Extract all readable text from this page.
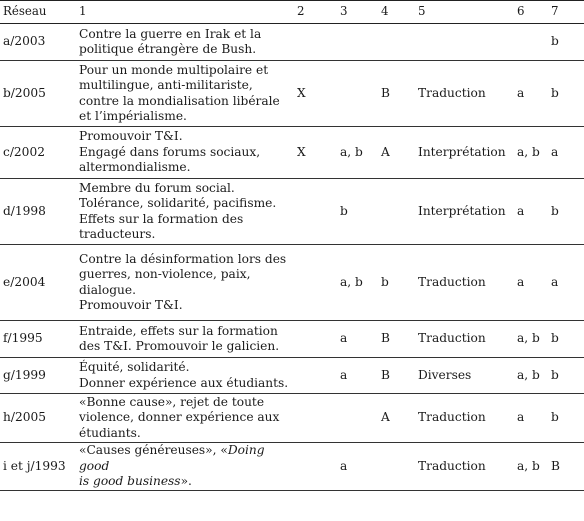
Réseau	1	2	3	4	5	6	7
a/2003	Contre la guerre en Irak et la
politique étrangère de Bush.						b
b/2005	Pour un monde multipolaire et
multilingue, anti-militariste,
contre la mondialisation libérale
et l’impérialisme.	X		B	Traduction	a	b
c/2002	Promouvoir T&I.
Engagé dans forums sociaux,
altermondialisme.	X	a, b	A	Interprétation	a, b	a
d/1998	Membre du forum social.
Tolérance, solidarité, pacifisme.
Effets sur la formation des
traducteurs.		b		Interprétation	a	b
e/2004	Contre la désinformation lors des
guerres, non-violence, paix,
dialogue.
Promouvoir T&I.		a, b	b	Traduction	a	a
f/1995	Entraide, effets sur la formation
des T&I. Promouvoir le galicien.		a	B	Traduction	a, b	b
g/1999	Équité, solidarité.
Donner expérience aux étudiants.		a	B	Diverses	a, b	b
h/2005	«Bonne cause», rejet de toute
violence, donner expérience aux
étudiants.			A	Traduction	a	b
i et j/1993	«Causes généreuses», «Doing good
is good business».		a		Traduction	a, b	B
